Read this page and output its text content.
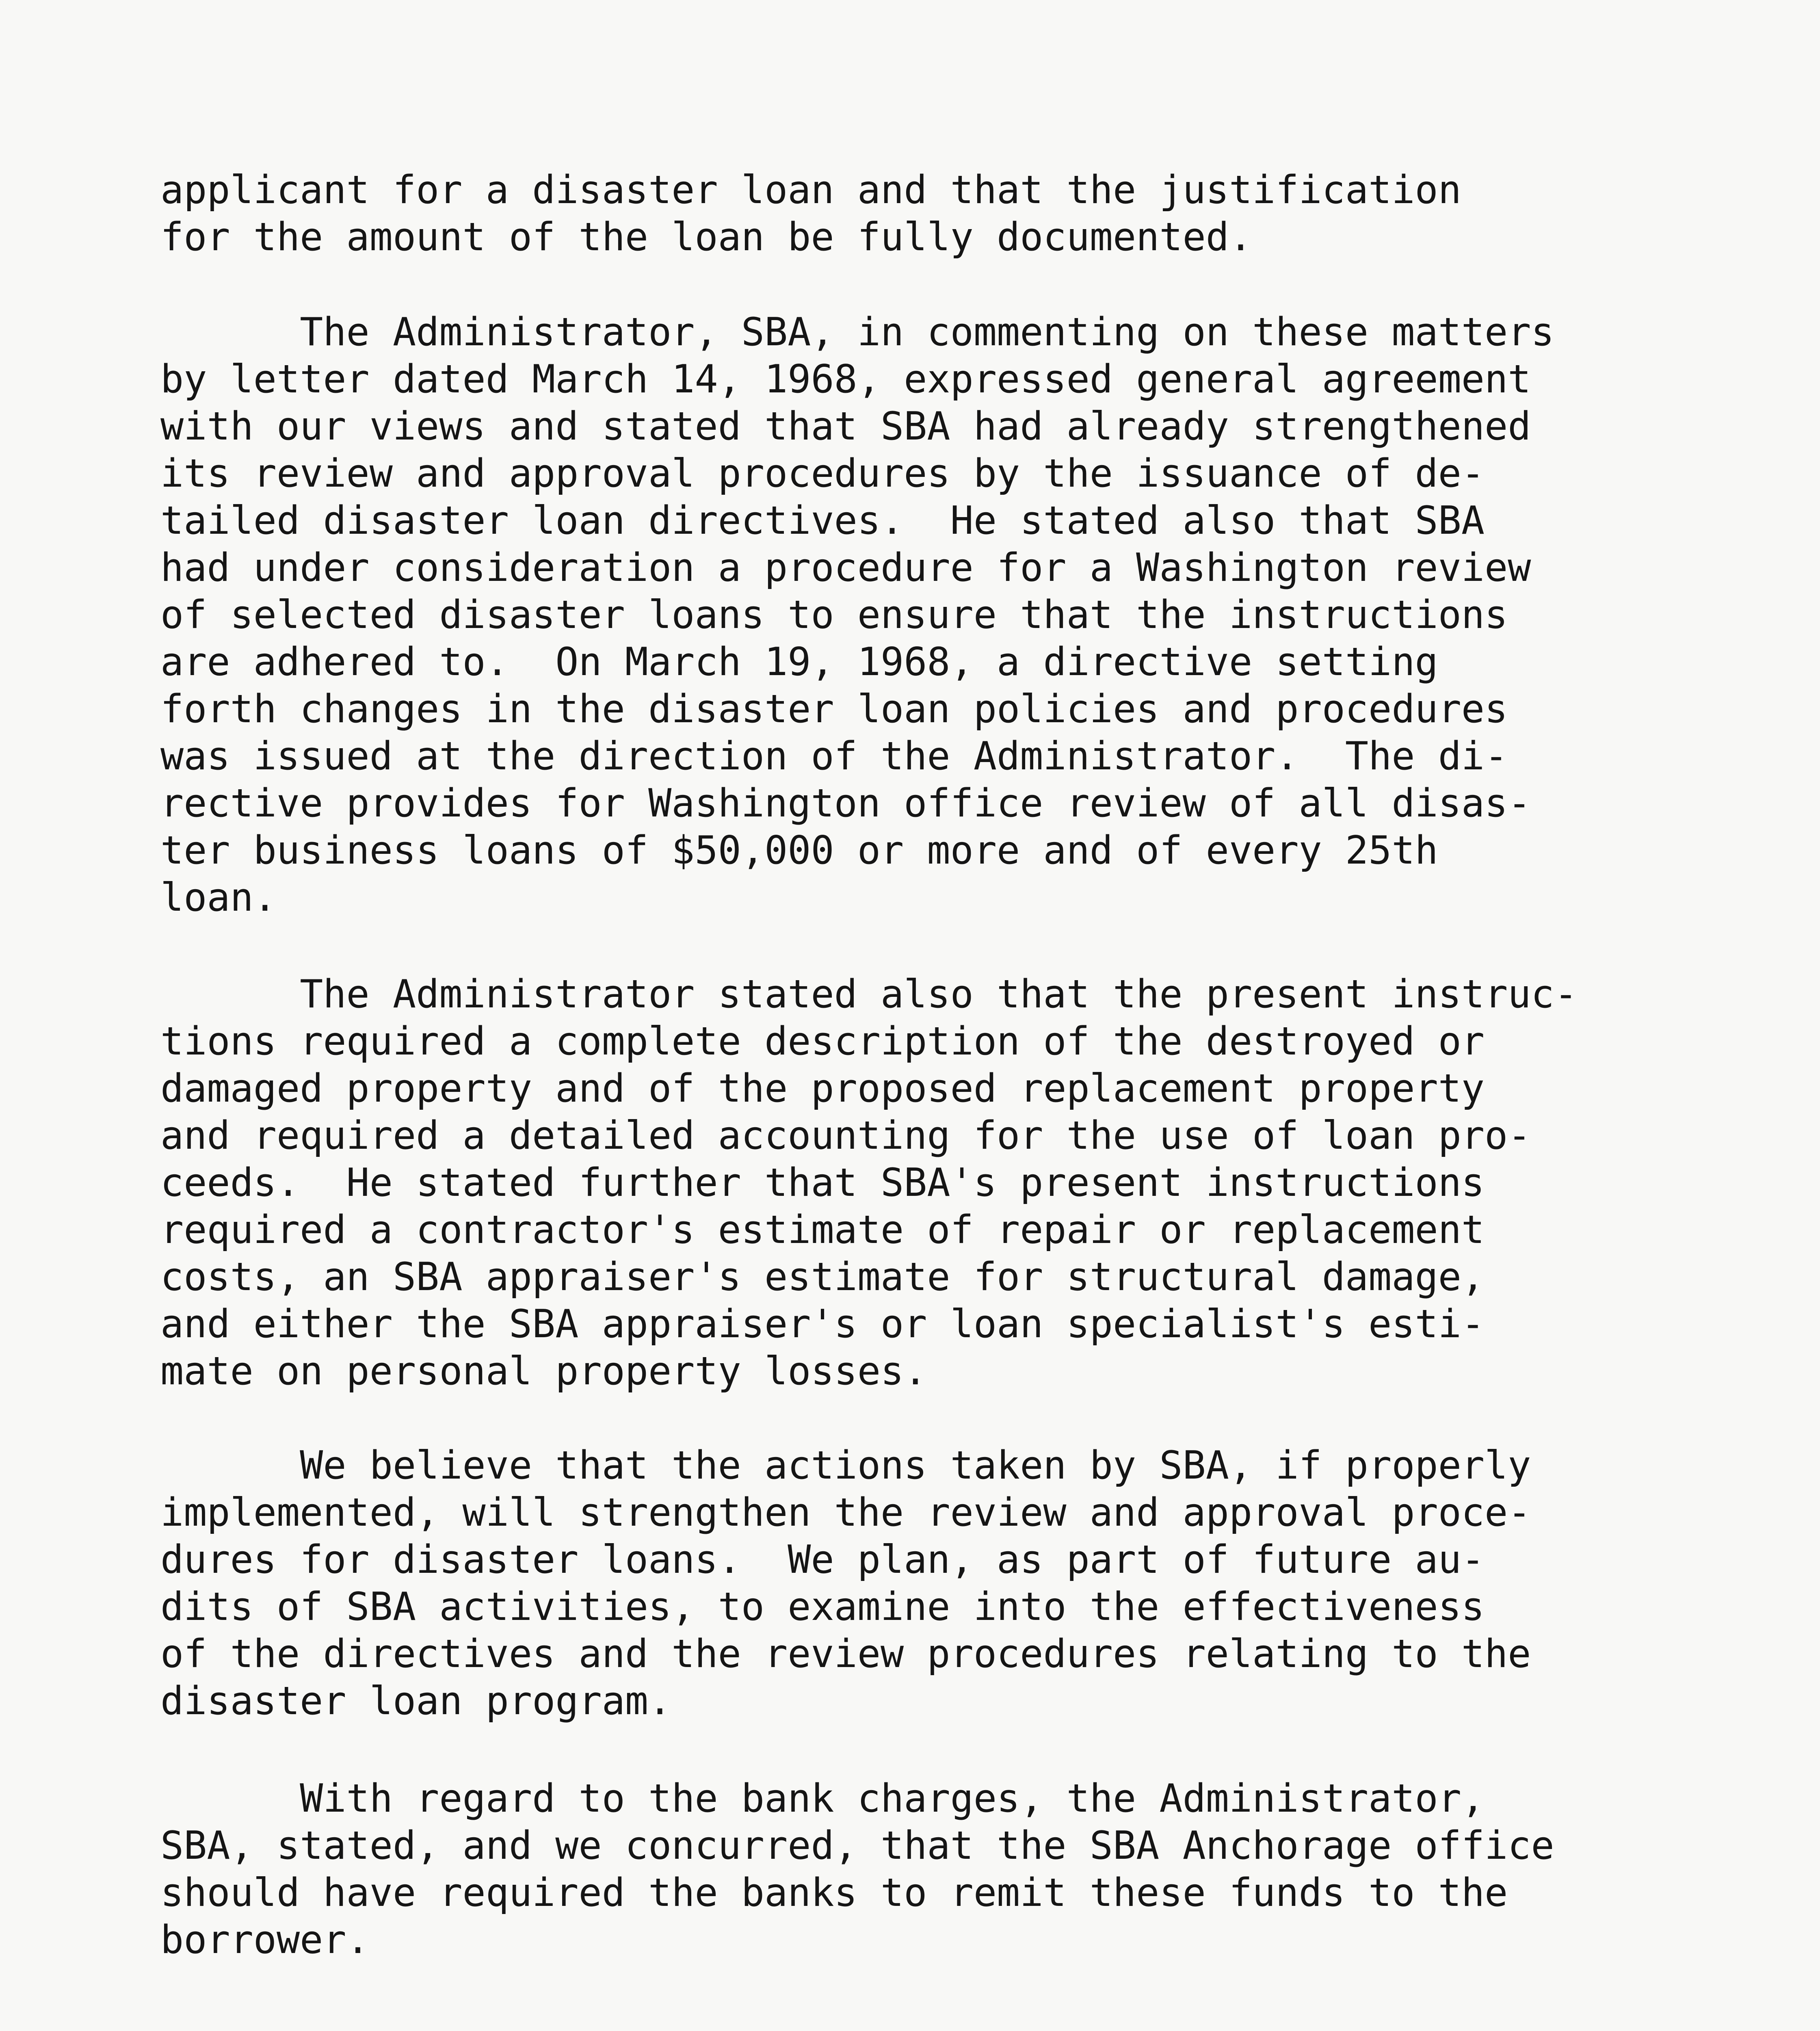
applicant for a disaster loan and that the justification
for the amount of the loan be fully documented.
The Administrator, SBA, in commenting on these matters
by letter dated March 14, 1968, expressed general agreement
with our views and stated that SBA had already strengthened
its review and approval procedures by the issuance of de-
tailed disaster loan directives.  He stated also that SBA
had under consideration a procedure for a Washington review
of selected disaster loans to ensure that the instructions
are adhered to.  On March 19, 1968, a directive setting
forth changes in the disaster loan policies and procedures
was issued at the direction of the Administrator.  The di-
rective provides for Washington office review of all disas-
ter business loans of $50,000 or more and of every 25th
loan.
The Administrator stated also that the present instruc-
tions required a complete description of the destroyed or
damaged property and of the proposed replacement property
and required a detailed accounting for the use of loan pro-
ceeds.  He stated further that SBA's present instructions
required a contractor's estimate of repair or replacement
costs, an SBA appraiser's estimate for structural damage,
and either the SBA appraiser's or loan specialist's esti-
mate on personal property losses.
We believe that the actions taken by SBA, if properly
implemented, will strengthen the review and approval proce-
dures for disaster loans.  We plan, as part of future au-
dits of SBA activities, to examine into the effectiveness
of the directives and the review procedures relating to the
disaster loan program.
With regard to the bank charges, the Administrator,
SBA, stated, and we concurred, that the SBA Anchorage office
should have required the banks to remit these funds to the
borrower.
